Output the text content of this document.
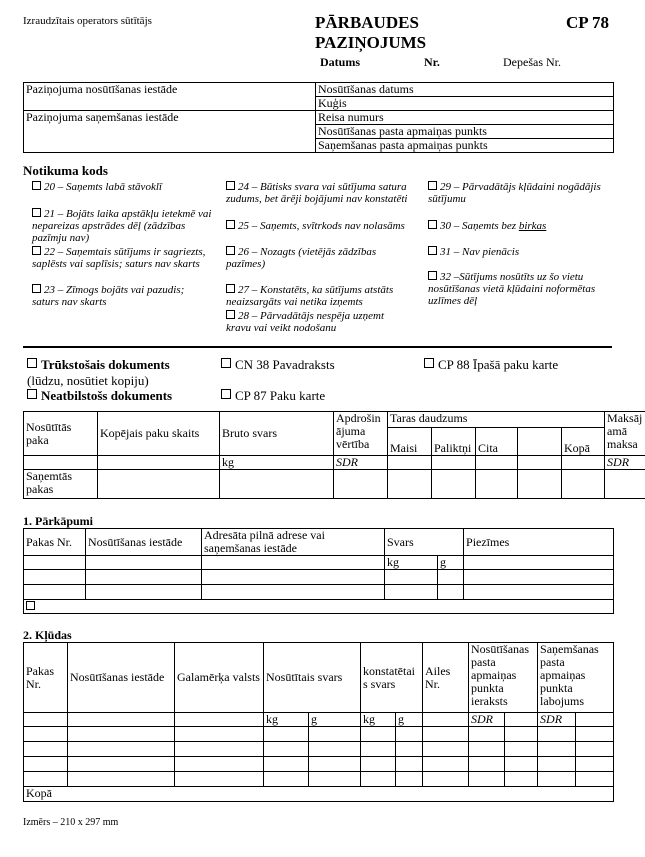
Izraudzītais operators sūtītājs	PĀRBAUDES
PAZIŅOJUMS
CP 78
Datums	Nr.	Depešas Nr.
Paziņojuma nosūtīšanas iestāde	Nosūtīšanas datums
	Kuģis
Paziņojuma saņemšanas iestāde	Reisa numurs
	Nosūtīšanas pasta apmaiņas punkts
	Saņemšanas pasta apmaiņas punkts
Notikuma kods
20 – Saņemts labā stāvoklī
21 – Bojāts laika apstākļu ietekmē vai nepareizas apstrādes dēļ (zādzības pazīmju nav)
22 – Saņemtais sūtījums ir sagriezts, saplēsts vai saplīsis; saturs nav skarts
23 – Zīmogs bojāts vai pazudis; saturs nav skarts
24 – Būtisks svara vai sūtījuma satura zudums, bet ārēji bojājumi nav konstatēti
25 – Saņemts, svītrkods nav nolasāms
26 – Nozagts (vietējās zādzības pazīmes)
27 – Konstatēts, ka sūtījums atstāts neaizsargāts vai netika izņemts
28 – Pārvadātājs nespēja uzņemt kravu vai veikt nodošanu
29 – Pārvadātājs kļūdaini nogādājis sūtījumu
30 – Saņemts bez birkas
31 – Nav pienācis
32 –Sūtījums nosūtīts uz šo vietu nosūtīšanas vietā kļūdaini noformētas uzlīmes dēļ
Trūkstošais dokuments
(lūdzu, nosūtiet kopiju)
Neatbilstošs dokuments
CN 38 Pavadraksts
CP 87 Paku karte
CP 88 Īpašā paku karte
Nosūtītās paka	Kopējais paku skaits	Bruto svars	Apdrošin ājuma vērtība	Taras daudzums					Maksāj amā maksa
				Maisi	Paliktņi	Cita		Kopā	
		kg	SDR						SDR
Saņemtās pakas									
1. Pārkāpumi
Pakas Nr.	Nosūtīšanas iestāde	Adresāta pilnā adrese vai saņemšanas iestāde	Svars		Piezīmes
			kg	g	

2. Kļūdas
Pakas Nr.	Nosūtīšanas iestāde	Galamērķa valsts	Nosūtītais svars		konstatētai s svars		Ailes Nr.	Nosūtīšanas pasta apmaiņas punkta ieraksts		Saņemšanas pasta apmaiņas punkta labojums	
			kg	g	kg	g		SDR		SDR	

Kopā											
Izmērs – 210 x 297 mm
